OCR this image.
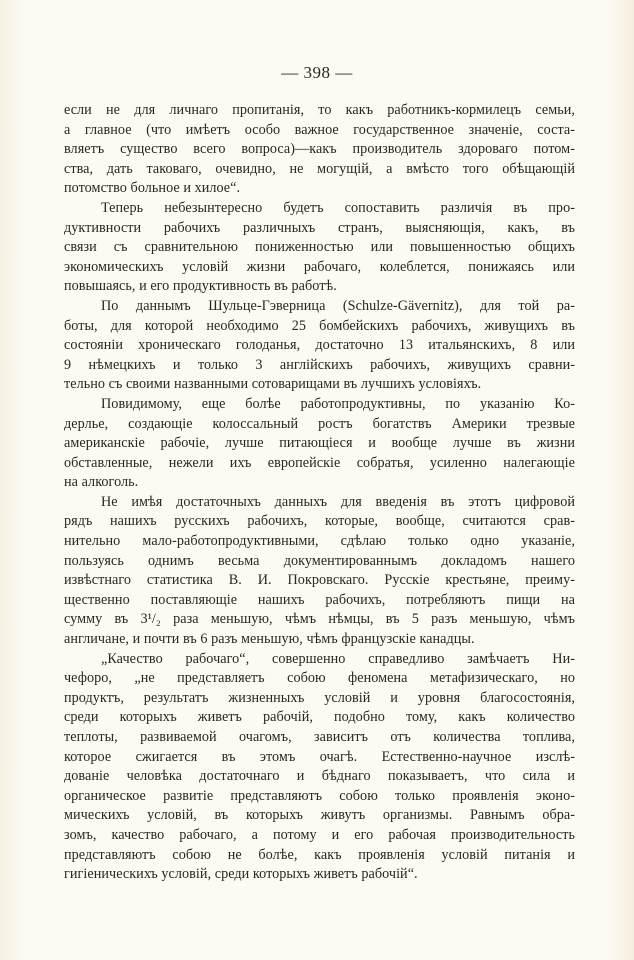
— 398 —
если не для личнаго пропитанія, то какъ работникъ-кормилецъ семьи,
а главное (что имѣетъ особо важное государственное значеніе, соста-
вляетъ существо всего вопроса)—какъ производитель здороваго потом-
ства, дать таковаго, очевидно, не могущій, а вмѣсто того обѣщающій
потомство больное и хилое“.
Теперь небезынтересно будетъ сопоставить различія въ про-
дуктивности рабочихъ различныхъ странъ, выясняющія, какъ, въ
связи съ сравнительною пониженностью или повышенностью общихъ
экономическихъ условій жизни рабочаго, колеблется, понижаясь или
повышаясь, и его продуктивность въ работѣ.
По даннымъ Шульце-Гэверница (Schulze-Gävernitz), для той ра-
боты, для которой необходимо 25 бомбейскихъ рабочихъ, живущихъ въ
состояніи хроническаго голоданья, достаточно 13 итальянскихъ, 8 или
9 нѣмецкихъ и только 3 англійскихъ рабочихъ, живущихъ сравни-
тельно съ своими названными сотоварищами въ лучшихъ условіяхъ.
Повидимому, еще болѣе работопродуктивны, по указанію Ко-
дерлье, создающіе колоссальный ростъ богатствъ Америки трезвые
американскіе рабочіе, лучше питающіеся и вообще лучше въ жизни
обставленные, нежели ихъ европейскіе собратья, усиленно налегающіе
на алкоголь.
Не имѣя достаточныхъ данныхъ для введенія въ этотъ цифровой
рядъ нашихъ русскихъ рабочихъ, которые, вообще, считаются срав-
нительно мало-работопродуктивными, сдѣлаю только одно указаніе,
пользуясь однимъ весьма документированнымъ докладомъ нашего
извѣстнаго статистика В. И. Покровскаго. Русскіе крестьяне, преиму-
щественно поставляющіе нашихъ рабочихъ, потребляютъ пищи на
сумму въ 3¹/₂ раза меньшую, чѣмъ нѣмцы, въ 5 разъ меньшую, чѣмъ
англичане, и почти въ 6 разъ меньшую, чѣмъ французскіе канадцы.
„Качество рабочаго“, совершенно справедливо замѣчаетъ Ни-
чефоро, „не представляетъ собою феномена метафизическаго, но
продуктъ, результатъ жизненныхъ условій и уровня благосостоянія,
среди которыхъ живетъ рабочій, подобно тому, какъ количество
теплоты, развиваемой очагомъ, зависитъ отъ количества топлива,
которое сжигается въ этомъ очагѣ. Естественно-научное изслѣ-
дованіе человѣка достаточнаго и бѣднаго показываетъ, что сила и
органическое развитіе представляютъ собою только проявленія эконо-
мическихъ условій, въ которыхъ живутъ организмы. Равнымъ обра-
зомъ, качество рабочаго, а потому и его рабочая производительность
представляютъ собою не болѣе, какъ проявленія условій питанія и
гигіеническихъ условій, среди которыхъ живетъ рабочій“.
